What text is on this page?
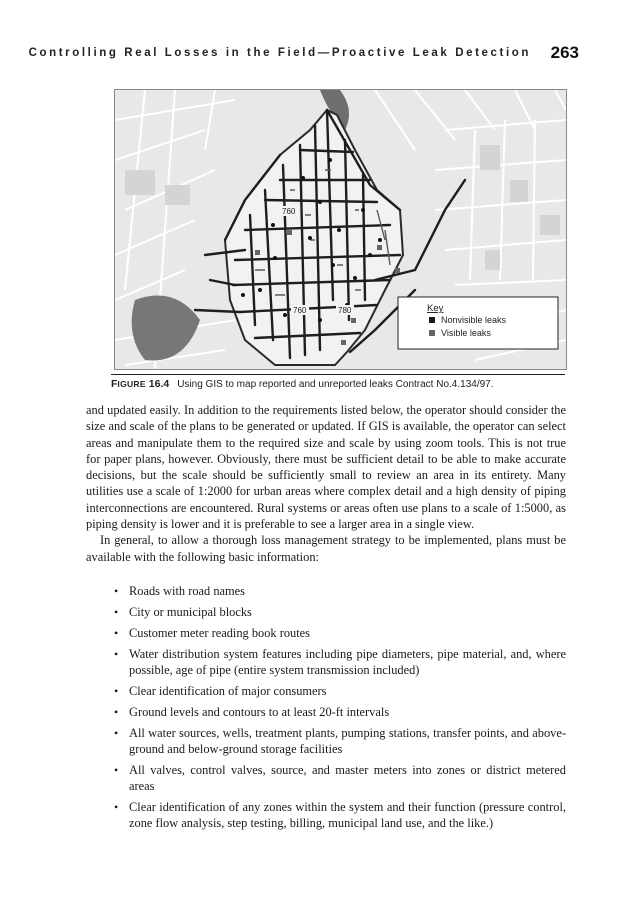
Controlling Real Losses in the Field—Proactive Leak Detection 263
760
760	780	Key
Nonvisible leaks
Visible leaks
FIGURE 16.4 Using GIS to map reported and unreported leaks Contract No.4.134/97.

and updated easily. In addition to the requirements listed below, the operator should consider the size and scale of the plans to be generated or updated. If GIS is available, the operator can select areas and manipulate them to the required size and scale by using zoom tools. This is not true for paper plans, however. Obviously, there must be sufficient detail to be able to make accurate decisions, but the scale should be sufficiently small to review an area in its entirety. Many utilities use a scale of 1:2000 for urban areas where complex detail and a high density of piping interconnections are encountered. Rural systems or areas often use plans to a scale of 1:5000, as piping density is lower and it is preferable to see a larger area in a single view.

In general, to allow a thorough loss management strategy to be implemented, plans must be available with the following basic information:

• Roads with road names
• City or municipal blocks
• Customer meter reading book routes
• Water distribution system features including pipe diameters, pipe material, and, where possible, age of pipe (entire system transmission included)
• Clear identification of major consumers
• Ground levels and contours to at least 20-ft intervals
• All water sources, wells, treatment plants, pumping stations, transfer points, and above-ground and below-ground storage facilities
• All valves, control valves, source, and master meters into zones or district metered areas
• Clear identification of any zones within the system and their function (pressure control, zone flow analysis, step testing, billing, municipal land use, and the like.)
